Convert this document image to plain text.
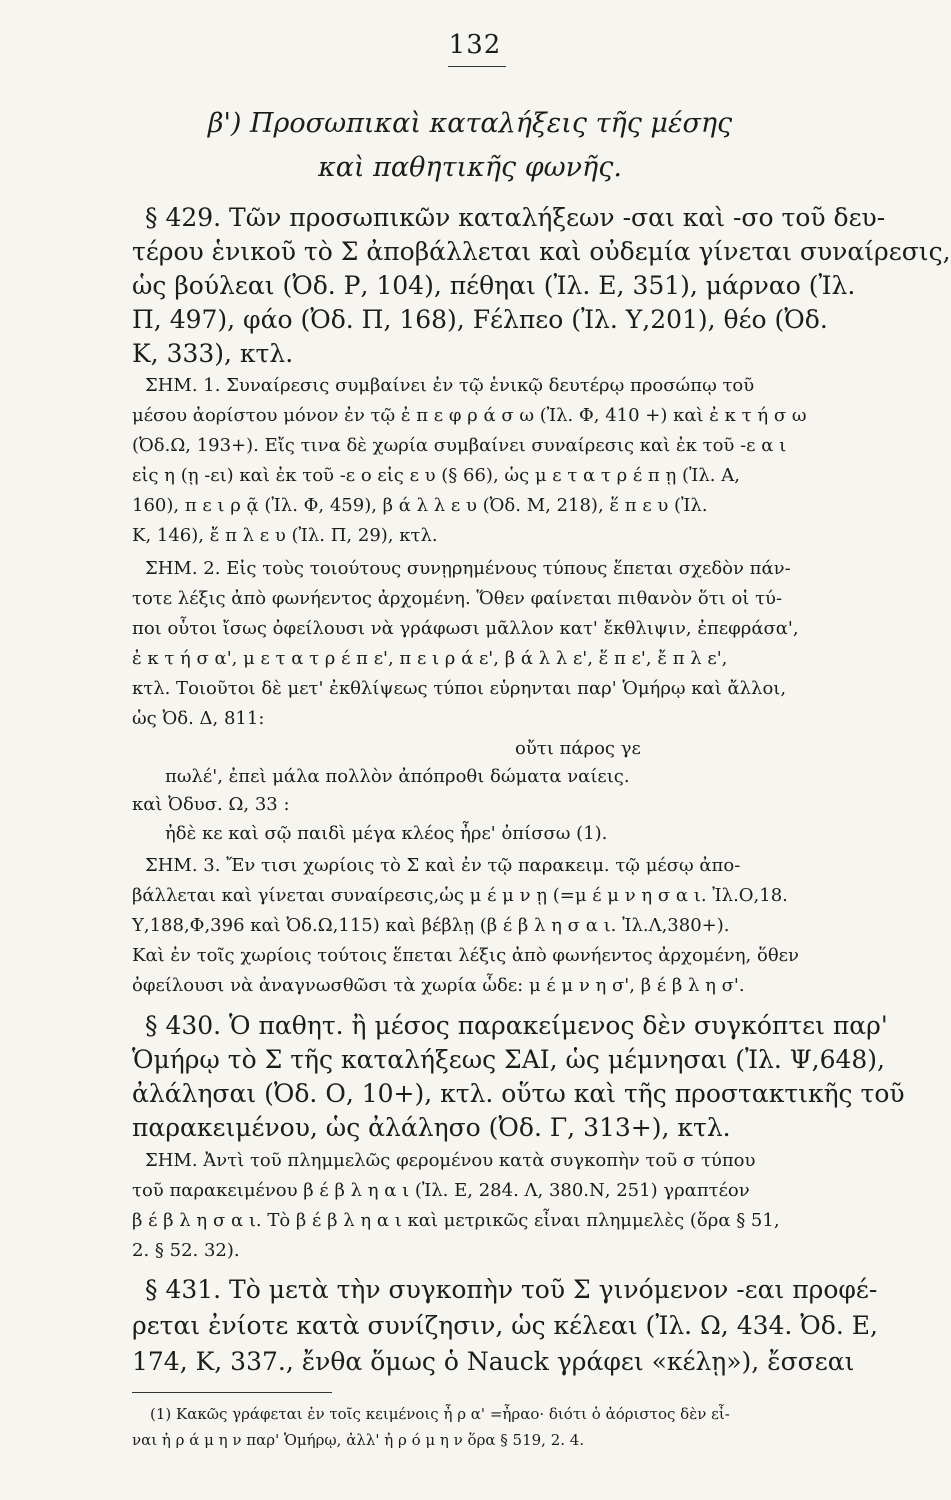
132
β') Προσωπικαὶ καταλήξεις τῆς μέσης
καὶ παθητικῆς φωνῆς.
§ 429. Τῶν προσωπικῶν καταλήξεων -σαι καὶ -σο τοῦ δευ-
τέρου ἑνικοῦ τὸ Σ ἀποβάλλεται καὶ οὐδεμία γίνεται συναίρεσις,
ὡς βούλεαι (Ὀδ. Ρ, 104), πέθηαι (Ἰλ. Ε, 351), μάρναο (Ἰλ.
Π, 497), φάο (Ὀδ. Π, 168), Fέλπεο (Ἰλ. Υ,201), θέο (Ὀδ.
Κ, 333), κτλ.
ΣΗΜ. 1. Συναίρεσις συμβαίνει ἐν τῷ ἑνικῷ δευτέρῳ προσώπῳ τοῦ
μέσου ἀορίστου μόνον ἐν τῷ ἐ π ε φ ρ ά σ ω (Ἰλ. Φ, 410 +) καὶ ἐ κ τ ή σ ω
(Ὀδ.Ω, 193+). Εἴς τινα δὲ χωρία συμβαίνει συναίρεσις καὶ ἐκ τοῦ -ε α ι
εἰς η (ῃ -ει) καὶ ἐκ τοῦ -ε ο εἰς ε υ (§ 66), ὡς μ ε τ α τ ρ έ π ῃ (Ἰλ. Α,
160), π ε ι ρ ᾷ (Ἰλ. Φ, 459), β ά λ λ ε υ (Ὀδ. Μ, 218), ἕ π ε υ (Ἰλ.
Κ, 146), ἔ π λ ε υ (Ἰλ. Π, 29), κτλ.
ΣΗΜ. 2. Εἰς τοὺς τοιούτους συνῃρημένους τύπους ἕπεται σχεδὸν πάν-
τοτε λέξις ἀπὸ φωνήεντος ἀρχομένη. Ὅθεν φαίνεται πιθανὸν ὅτι οἱ τύ-
ποι οὗτοι ἴσως ὀφείλουσι νὰ γράφωσι μᾶλλον κατ' ἔκθλιψιν, ἐπεφράσα',
ἐ κ τ ή σ α', μ ε τ α τ ρ έ π ε', π ε ι ρ ά ε', β ά λ λ ε', ἕ π ε', ἔ π λ ε',
κτλ. Τοιοῦτοι δὲ μετ' ἐκθλίψεως τύποι εὑρηνται παρ' Ὁμήρῳ καὶ ἄλλοι,
ὡς Ὀδ. Δ, 811:
οὔτι πάρος γε
πωλέ', ἐπεὶ μάλα πολλὸν ἀπόπροθι δώματα ναίεις.
καὶ Ὀδυσ. Ω, 33 :
ἠδὲ κε καὶ σῷ παιδὶ μέγα κλέος ἦρε' ὀπίσσω (1).
ΣΗΜ. 3. Ἔν τισι χωρίοις τὸ Σ καὶ ἐν τῷ παρακειμ. τῷ μέσῳ ἀπο-
βάλλεται καὶ γίνεται συναίρεσις,ὡς μ έ μ ν ῃ (=μ έ μ ν η σ α ι. Ἰλ.Ο,18.
Υ,188,Φ,396 καὶ Ὀδ.Ω,115) καὶ βέβλῃ (β έ β λ η σ α ι. Ἰλ.Λ,380+).
Καὶ ἐν τοῖς χωρίοις τούτοις ἕπεται λέξις ἀπὸ φωνήεντος ἀρχομένη, ὅθεν
ὀφείλουσι νὰ ἀναγνωσθῶσι τὰ χωρία ὧδε: μ έ μ ν η σ', β έ β λ η σ'.
§ 430. Ὁ παθητ. ἢ μέσος παρακείμενος δὲν συγκόπτει παρ'
Ὁμήρῳ τὸ Σ τῆς καταλήξεως ΣΑΙ, ὡς μέμνησαι (Ἰλ. Ψ,648),
ἀλάλησαι (Ὀδ. Ο, 10+), κτλ. οὕτω καὶ τῆς προστακτικῆς τοῦ
παρακειμένου, ὡς ἀλάλησο (Ὀδ. Γ, 313+), κτλ.
ΣΗΜ. Ἀντὶ τοῦ πλημμελῶς φερομένου κατὰ συγκοπὴν τοῦ σ τύπου
τοῦ παρακειμένου β έ β λ η α ι (Ἰλ. Ε, 284. Λ, 380.Ν, 251) γραπτέον
β έ β λ η σ α ι. Τὸ β έ β λ η α ι καὶ μετρικῶς εἶναι πλημμελὲς (ὅρα § 51,
2. § 52. 32).
§ 431. Τὸ μετὰ τὴν συγκοπὴν τοῦ Σ γινόμενον -εαι προφέ-
ρεται ἐνίοτε κατὰ συνίζησιν, ὡς κέλεαι (Ἰλ. Ω, 434. Ὀδ. Ε,
174, Κ, 337., ἔνθα ὅμως ὁ Nauck γράφει «κέλῃ»), ἔσσεαι
(1) Κακῶς γράφεται ἐν τοῖς κειμένοις ἦ ρ α' =ἦραο· διότι ὁ ἀόριστος δὲν εἶ-
ναι ἠ ρ ά μ η ν παρ' Ὁμήρῳ, ἀλλ' ἠ ρ ό μ η ν ὅρα § 519, 2. 4.
